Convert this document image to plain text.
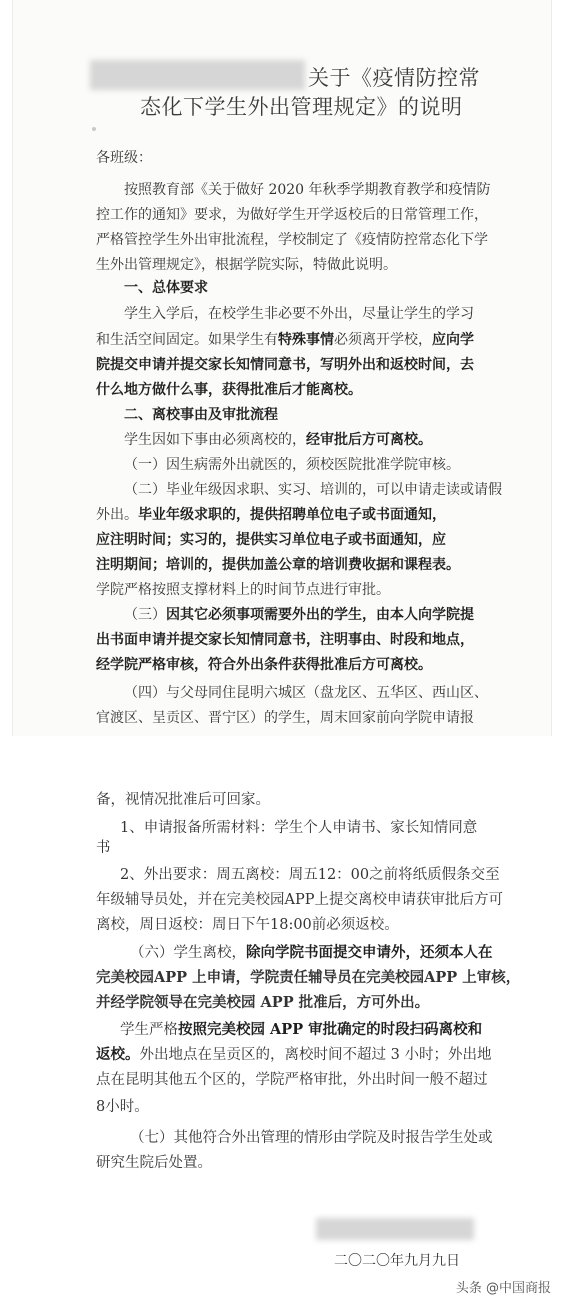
关于《疫情防控常
态化下学生外出管理规定》的说明
各班级：
按照教育部《关于做好 2020 年秋季学期教育教学和疫情防
控工作的通知》要求，为做好学生开学返校后的日常管理工作，
严格管控学生外出审批流程，学校制定了《疫情防控常态化下学
生外出管理规定》，根据学院实际，特做此说明。
一、总体要求
学生入学后，在校学生非必要不外出，尽量让学生的学习
和生活空间固定。如果学生有特殊事情必须离开学校，应向学
院提交申请并提交家长知情同意书，写明外出和返校时间，去
什么地方做什么事，获得批准后才能离校。
二、离校事由及审批流程
学生因如下事由必须离校的，经审批后方可离校。
（一）因生病需外出就医的，须校医院批准学院审核。
（二）毕业年级因求职、实习、培训的，可以申请走读或请假
外出。毕业年级求职的，提供招聘单位电子或书面通知，
应注明时间；实习的，提供实习单位电子或书面通知，应
注明期间；培训的，提供加盖公章的培训费收据和课程表。
学院严格按照支撑材料上的时间节点进行审批。
（三）因其它必须事项需要外出的学生，由本人向学院提
出书面申请并提交家长知情同意书，注明事由、时段和地点，
经学院严格审核，符合外出条件获得批准后方可离校。
（四）与父母同住昆明六城区（盘龙区、五华区、西山区、
官渡区、呈贡区、晋宁区）的学生，周末回家前向学院申请报
备，视情况批准后可回家。
1、申请报备所需材料：学生个人申请书、家长知情同意
书
2、外出要求：周五离校：周五12：00之前将纸质假条交至
年级辅导员处，并在完美校园APP上提交离校申请获审批后方可
离校，周日返校：周日下午18:00前必须返校。
（六）学生离校，除向学院书面提交申请外，还须本人在
完美校园APP 上申请，学院责任辅导员在完美校园APP 上审核，
并经学院领导在完美校园 APP 批准后，方可外出。
学生严格按照完美校园 APP 审批确定的时段扫码离校和
返校。外出地点在呈贡区的，离校时间不超过 3 小时；外出地
点在昆明其他五个区的，学院严格审批，外出时间一般不超过
8小时。
（七）其他符合外出管理的情形由学院及时报告学生处或
研究生院后处置。
二〇二〇年九月九日
头条 @中国商报
